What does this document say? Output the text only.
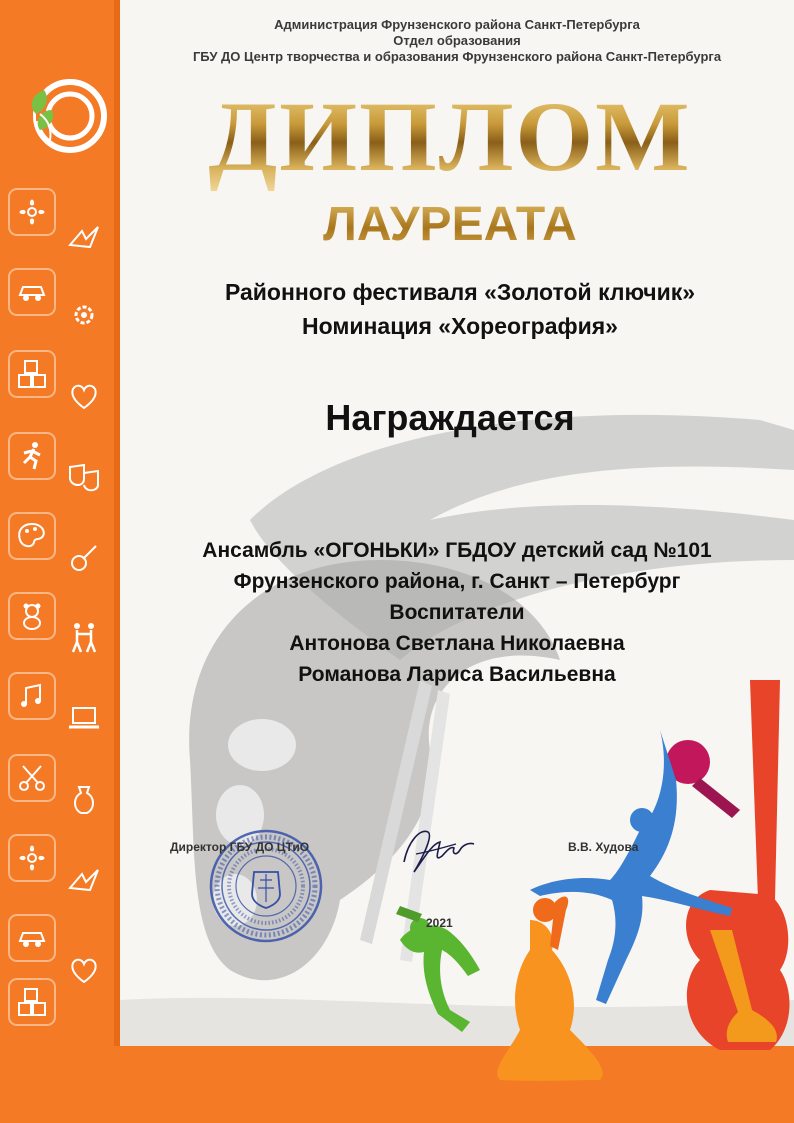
Администрация Фрунзенского района Санкт-Петербурга
Отдел образования
ГБУ ДО Центр творчества и образования Фрунзенского района Санкт-Петербурга
ДИПЛОМ
ЛАУРЕАТА
Районного фестиваля «Золотой ключик»
Номинация «Хореография»
Награждается
Ансамбль «ОГОНЬКИ» ГБДОУ детский сад №101
Фрунзенского района, г. Санкт – Петербург
Воспитатели
Антонова Светлана Николаевна
Романова Лариса Васильевна
Директор ГБУ ДО ЦТиО	В.В. Худова
2021
